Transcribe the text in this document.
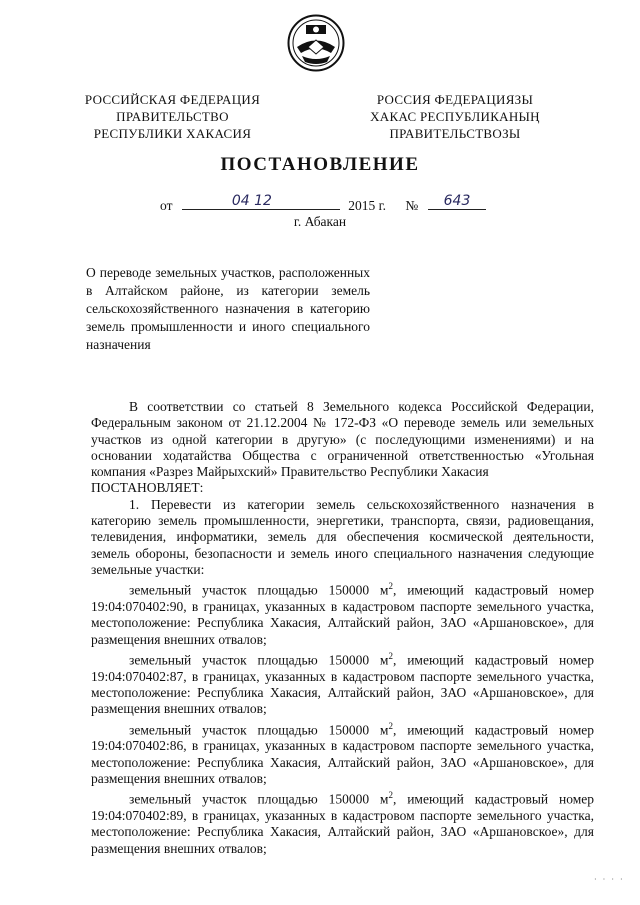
РОССИЙСКАЯ ФЕДЕРАЦИЯ
ПРАВИТЕЛЬСТВО
РЕСПУБЛИКИ ХАКАСИЯ
РОССИЯ ФЕДЕРАЦИЯЗЫ
ХАКАС РЕСПУБЛИКАНЫҢ
ПРАВИТЕЛЬСТВОЗЫ
ПОСТАНОВЛЕНИЕ
от	04 12	2015 г. № 643
г. Абакан
О переводе земельных участков, расположенных в Алтайском районе, из категории земель сельскохозяйственного назначения в категорию земель промышленности и иного специального назначения

В соответствии со статьей 8 Земельного кодекса Российской Федерации, Федеральным законом от 21.12.2004 № 172-ФЗ «О переводе земель или земельных участков из одной категории в другую» (с последующими изменениями) и на основании ходатайства Общества с ограниченной ответственностью «Угольная компания «Разрез Майрыхский» Правительство Республики Хакасия

ПОСТАНОВЛЯЕТ:

1. Перевести из категории земель сельскохозяйственного назначения в категорию земель промышленности, энергетики, транспорта, связи, радиовещания, телевидения, информатики, земель для обеспечения космической деятельности, земель обороны, безопасности и земель иного специального назначения следующие земельные участки:

земельный участок площадью 150000 $м^2$, имеющий кадастровый номер 19:04:070402:90, в границах, указанных в кадастровом паспорте земельного участка, местоположение: Республика Хакасия, Алтайский район, ЗАО «Аршановское», для размещения внешних отвалов;

земельный участок площадью 150000 $м^2$, имеющий кадастровый номер 19:04:070402:87, в границах, указанных в кадастровом паспорте земельного участка, местоположение: Республика Хакасия, Алтайский район, ЗАО «Аршановское», для размещения внешних отвалов;

земельный участок площадью 150000 $м^2$, имеющий кадастровый номер 19:04:070402:86, в границах, указанных в кадастровом паспорте земельного участка, местоположение: Республика Хакасия, Алтайский район, ЗАО «Аршановское», для размещения внешних отвалов;

земельный участок площадью 150000 $м^2$, имеющий кадастровый номер 19:04:070402:89, в границах, указанных в кадастровом паспорте земельного участка, местоположение: Республика Хакасия, Алтайский район, ЗАО «Аршановское», для размещения внешних отвалов;

· · · ·
